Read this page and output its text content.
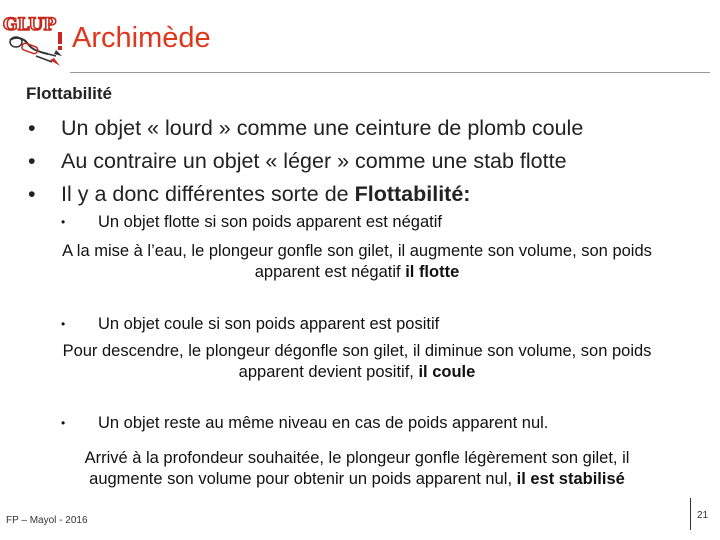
GLUP Archimède
Flottabilité
• Un objet « lourd » comme une ceinture de plomb coule
• Au contraire un objet « léger » comme une stab flotte
• Il y a donc différentes sorte de Flottabilité:
• Un objet flotte si son poids apparent est négatif
A la mise à l’eau, le plongeur gonfle son gilet, il augmente son volume, son poids
apparent est négatif il flotte
• Un objet coule si son poids apparent est positif
Pour descendre, le plongeur dégonfle son gilet, il diminue son volume, son poids
apparent devient positif, il coule
• Un objet reste au même niveau en cas de poids apparent nul.
Arrivé à la profondeur souhaitée, le plongeur gonfle légèrement son gilet, il
augmente son volume pour obtenir un poids apparent nul, il est stabilisé
FP – Mayol - 2016	21
